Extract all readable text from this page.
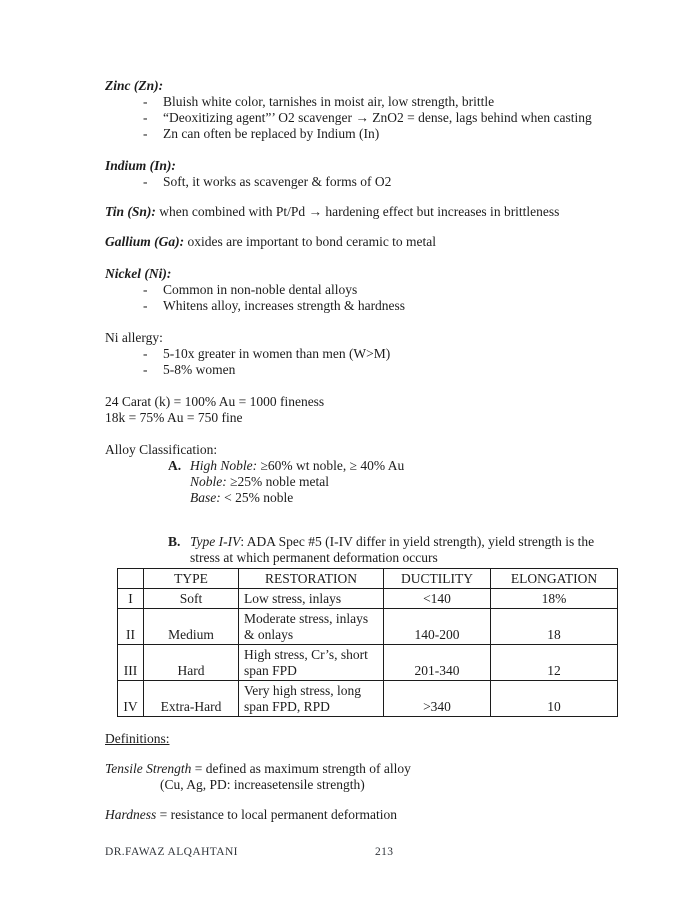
Zinc (Zn):
-	Bluish white color, tarnishes in moist air, low strength, brittle
-	“Deoxitizing agent”’ O2 scavenger → ZnO2 = dense, lags behind when casting
-	Zn can often be replaced by Indium (In)
Indium (In):
-	Soft, it works as scavenger & forms of O2
Tin (Sn): when combined with Pt/Pd → hardening effect but increases in brittleness
Gallium (Ga): oxides are important to bond ceramic to metal
Nickel (Ni):
-	Common in non-noble dental alloys
-	Whitens alloy, increases strength & hardness
Ni allergy:
-	5-10x greater in women than men (W>M)
-	5-8% women
24 Carat (k) = 100% Au = 1000 fineness
18k = 75% Au = 750 fine
Alloy Classification:
A. High Noble: ≥60% wt noble, ≥ 40% Au
Noble: ≥25% noble metal
Base: < 25% noble
B. Type I-IV: ADA Spec #5 (I-IV differ in yield strength), yield strength is the
stress at which permanent deformation occurs
	TYPE	RESTORATION	DUCTILITY	ELONGATION
I	Soft	Low stress, inlays	<140	18%
II	Medium	Moderate stress, inlays & onlays	140-200	18
III	Hard	High stress, Cr’s, short span FPD	201-340	12
IV	Extra-Hard	Very high stress, long span FPD, RPD	>340	10
Definitions:
Tensile Strength = defined as maximum strength of alloy
(Cu, Ag, PD: increasetensile strength)
Hardness = resistance to local permanent deformation
DR.FAWAZ ALQAHTANI	213
